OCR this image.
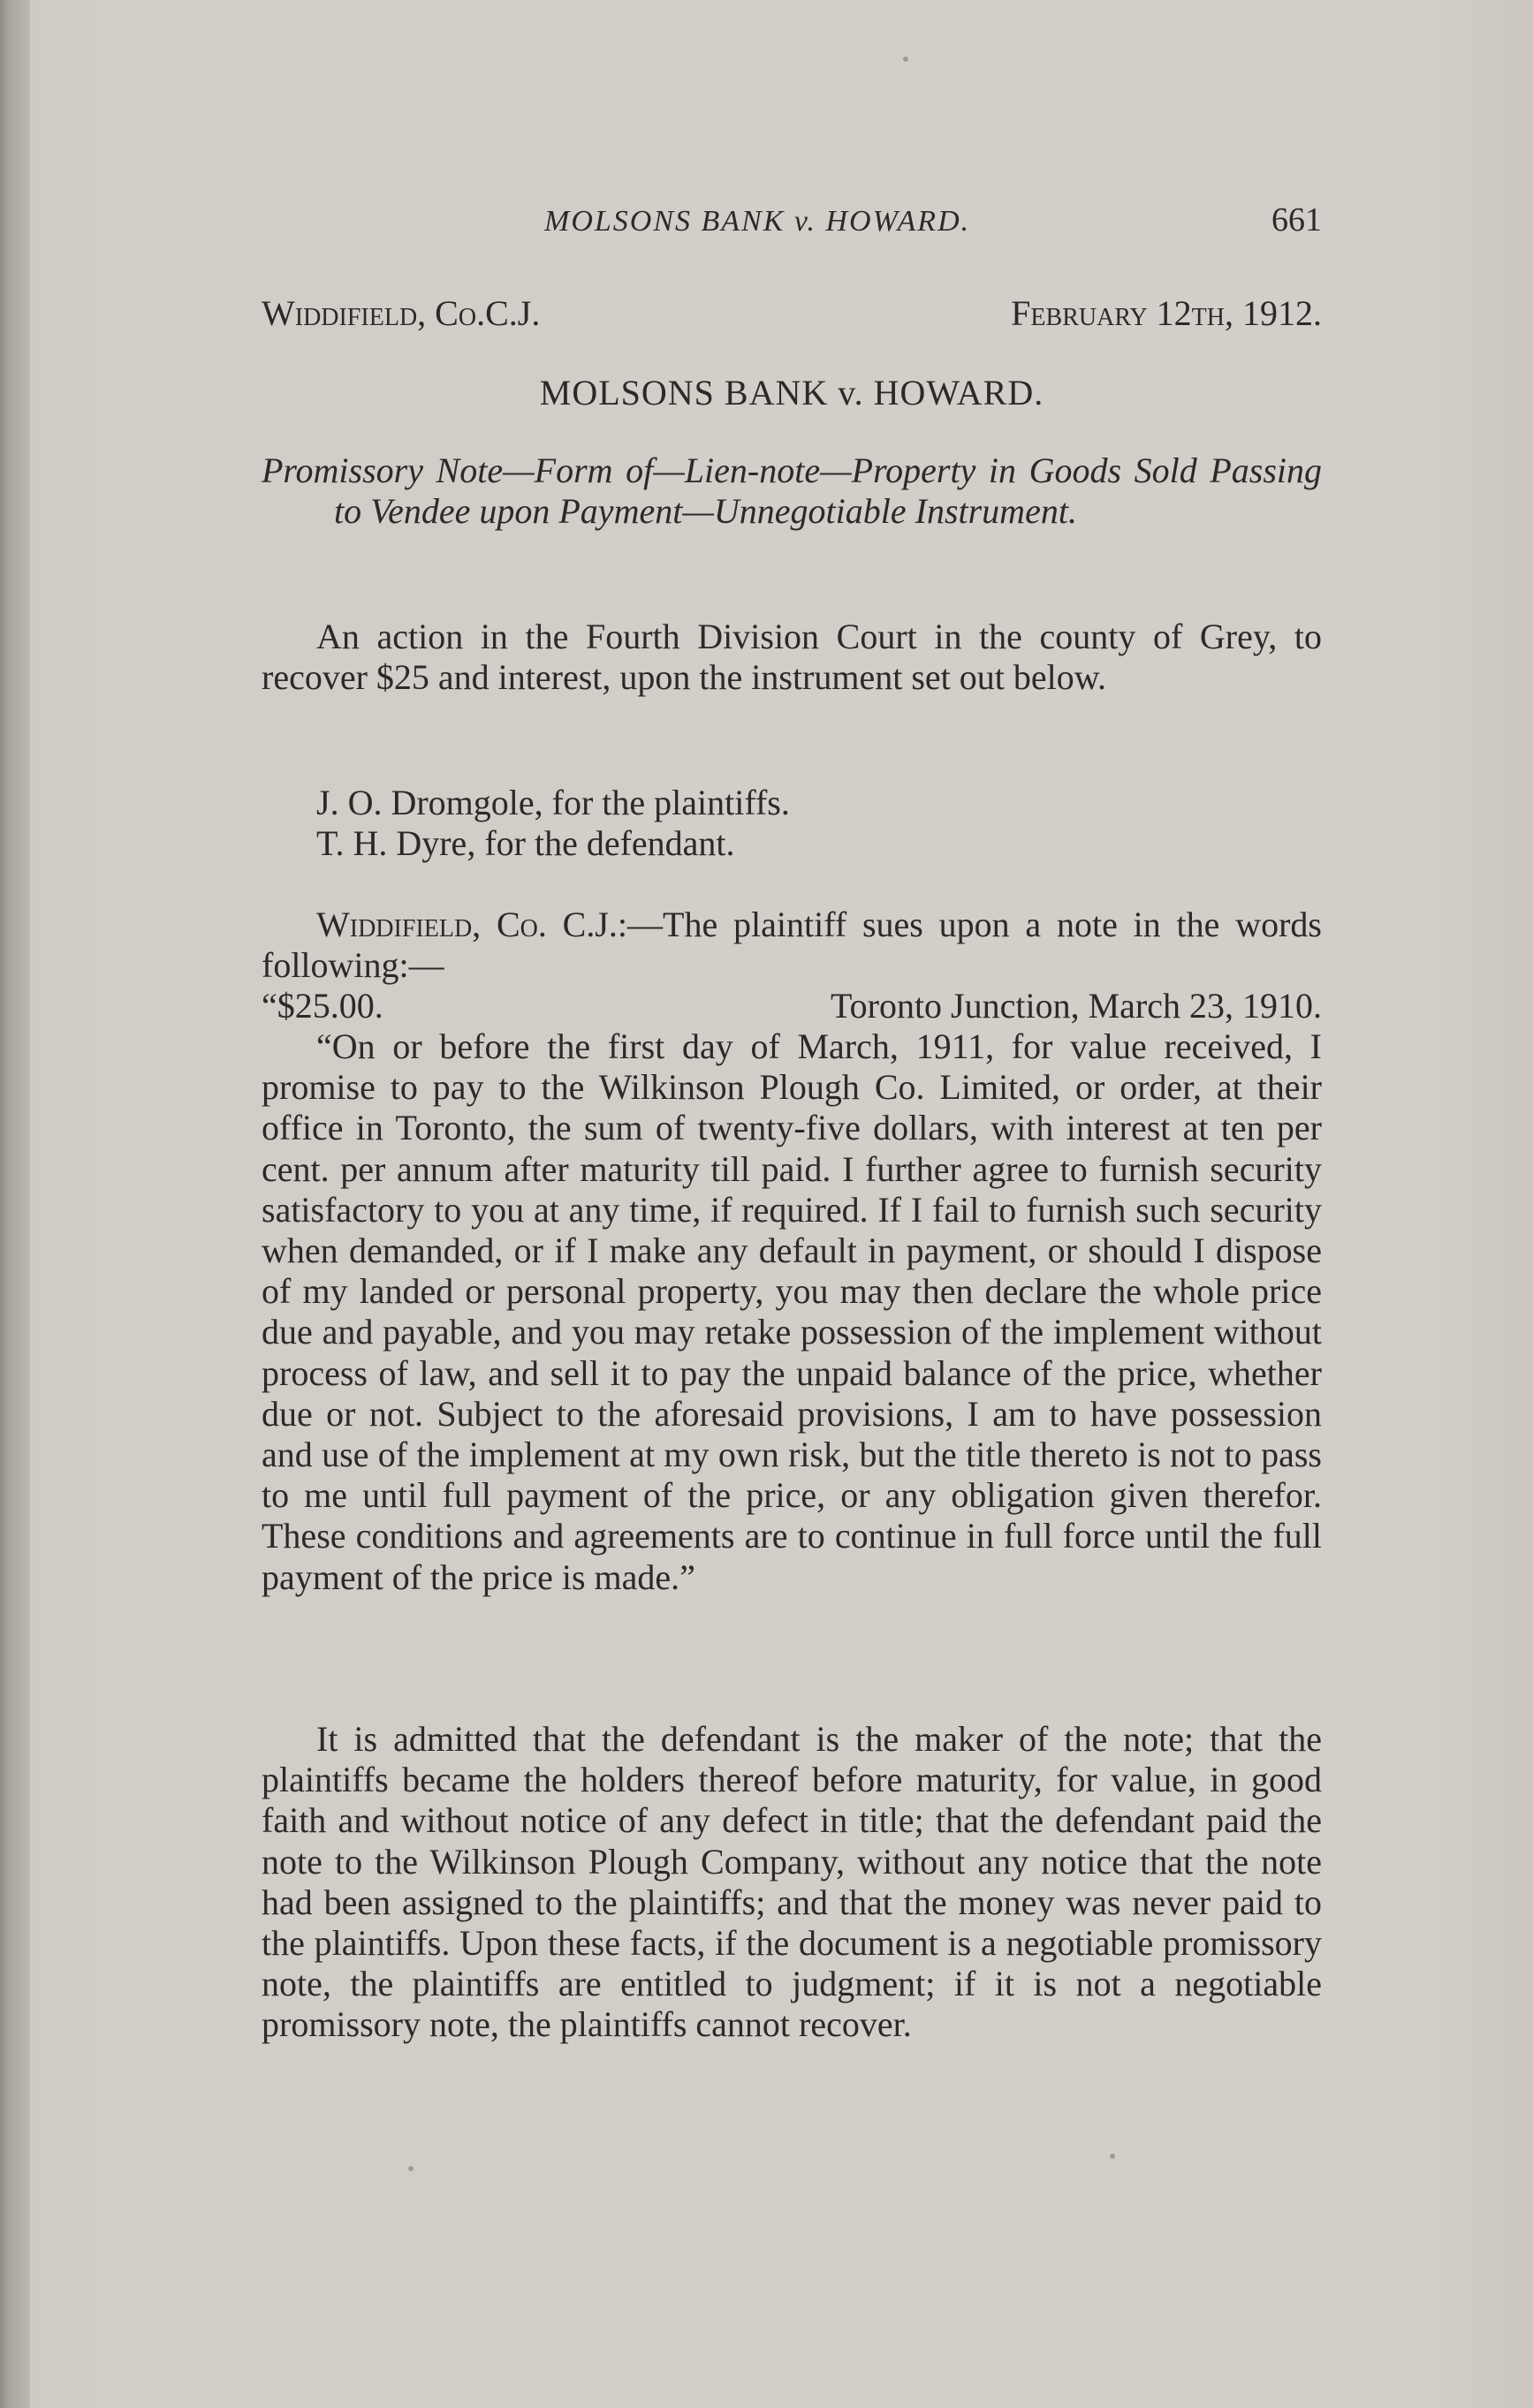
MOLSONS BANK v. HOWARD.	661
Widdifield, Co.C.J.	February 12th, 1912.
MOLSONS BANK v. HOWARD.
Promissory Note—Form of—Lien-note—Property in Goods Sold Passing to Vendee upon Payment—Unnegotiable Instrument.
An action in the Fourth Division Court in the county of Grey, to recover $25 and interest, upon the instrument set out below.
J. O. Dromgole, for the plaintiffs.
T. H. Dyre, for the defendant.
Widdifield, Co. C.J.:—The plaintiff sues upon a note in the words following:—
“$25.00.	Toronto Junction, March 23, 1910.
“On or before the first day of March, 1911, for value received, I promise to pay to the Wilkinson Plough Co. Limited, or order, at their office in Toronto, the sum of twenty-five dollars, with interest at ten per cent. per annum after maturity till paid. I further agree to furnish security satisfactory to you at any time, if required. If I fail to furnish such security when demanded, or if I make any default in payment, or should I dispose of my landed or personal property, you may then declare the whole price due and payable, and you may retake possession of the implement without process of law, and sell it to pay the unpaid balance of the price, whether due or not. Subject to the aforesaid provisions, I am to have possession and use of the implement at my own risk, but the title thereto is not to pass to me until full payment of the price, or any obligation given therefor. These conditions and agreements are to continue in full force until the full payment of the price is made.”
It is admitted that the defendant is the maker of the note; that the plaintiffs became the holders thereof before maturity, for value, in good faith and without notice of any defect in title; that the defendant paid the note to the Wilkinson Plough Company, without any notice that the note had been assigned to the plaintiffs; and that the money was never paid to the plaintiffs. Upon these facts, if the document is a negotiable promissory note, the plaintiffs are entitled to judgment; if it is not a negotiable promissory note, the plaintiffs cannot recover.
